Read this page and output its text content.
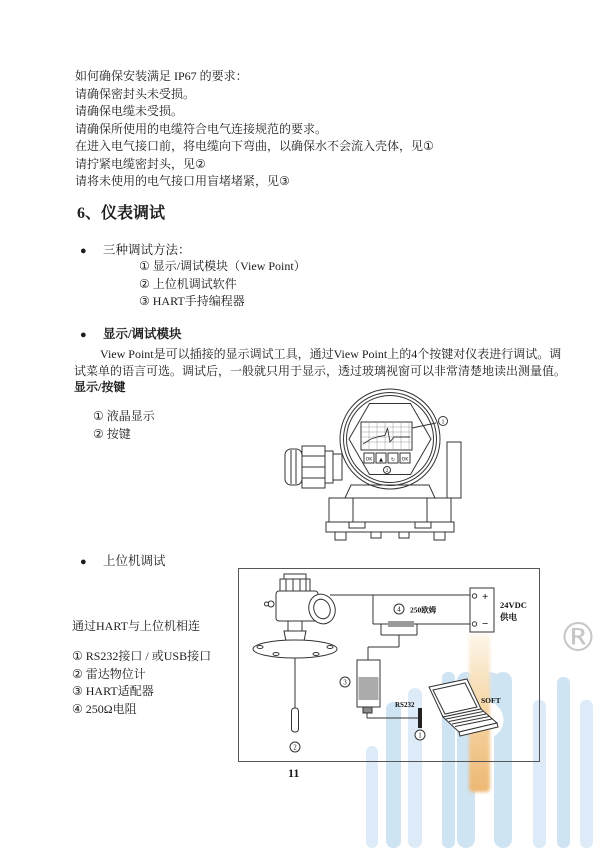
®
如何确保安装满足 IP67 的要求：
请确保密封头未受损。
请确保电缆未受损。
请确保所使用的电缆符合电气连接规范的要求。
在进入电气接口前，将电缆向下弯曲，以确保水不会流入壳体，见①
请拧紧电缆密封头，见②
请将未使用的电气接口用盲堵堵紧，见③
6、仪表调试
● 三种调试方法：
① 显示/调试模块（View Point）
② 上位机调试软件
③ HART手持编程器
● 显示/调试模块
View Point是可以插接的显示调试工具，通过View Point上的4个按键对仪表进行调试。调
试菜单的语言可选。调试后，一般就只用于显示，透过玻璃视窗可以非常清楚地读出测量值。
显示/按键
① 液晶显示
② 按键
OK ▲ ↻ OK
1
2
● 上位机调试
通过HART与上位机相连
① RS232接口 / 或USB接口
② 雷达物位计
③ HART适配器
④ 250Ω电阻
+
−
24VDC
供电
250欧姆
RS232	SOFT
4
3
2
1
11
